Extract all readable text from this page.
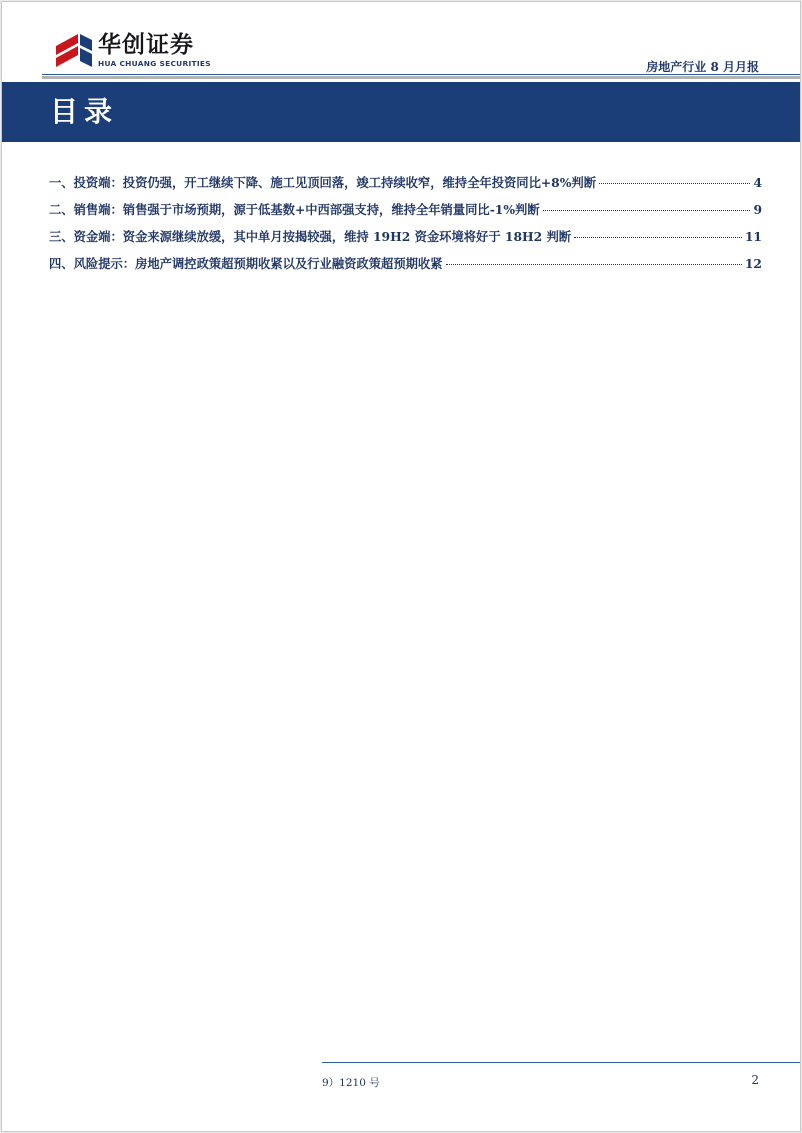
华创证券
HUA CHUANG SECURITIES	房地产行业 8 月月报
目录
一、投资端：投资仍强，开工继续下降、施工见顶回落，竣工持续收窄，维持全年投资同比+8%判断	4
二、销售端：销售强于市场预期，源于低基数+中西部强支持，维持全年销量同比-1%判断	9
三、资金端：资金来源继续放缓，其中单月按揭较强，维持 19H2 资金环境将好于 18H2 判断	11
四、风险提示：房地产调控政策超预期收紧以及行业融资政策超预期收紧	12
9）1210 号	2
